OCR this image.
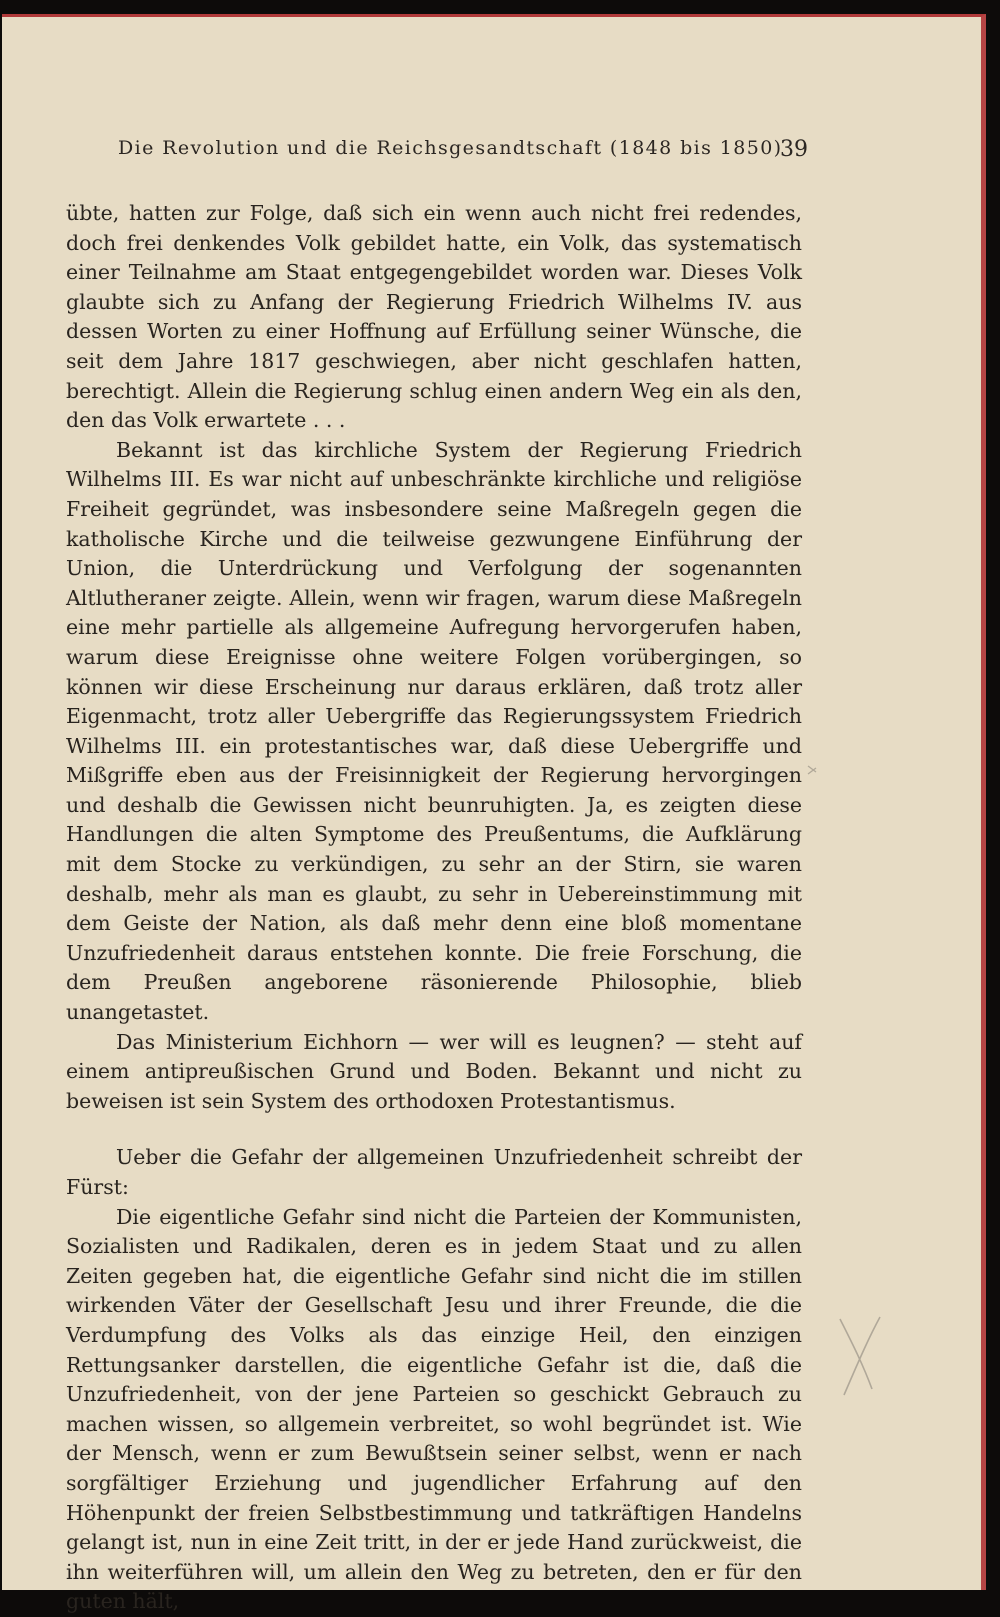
Die Revolution und die Reichsgesandtschaft (1848 bis 1850)
39

übte, hatten zur Folge, daß sich ein wenn auch nicht frei redendes, doch frei denkendes Volk gebildet hatte, ein Volk, das systematisch einer Teilnahme am Staat entgegengebildet worden war. Dieses Volk glaubte sich zu Anfang der Regierung Friedrich Wilhelms IV. aus dessen Worten zu einer Hoffnung auf Erfüllung seiner Wünsche, die seit dem Jahre 1817 geschwiegen, aber nicht geschlafen hatten, berechtigt. Allein die Regierung schlug einen andern Weg ein als den, den das Volk erwartete . . .

Bekannt ist das kirchliche System der Regierung Friedrich Wilhelms III. Es war nicht auf unbeschränkte kirchliche und religiöse Freiheit gegründet, was insbesondere seine Maßregeln gegen die katholische Kirche und die teilweise gezwungene Einführung der Union, die Unterdrückung und Verfolgung der sogenannten Altlutheraner zeigte. Allein, wenn wir fragen, warum diese Maßregeln eine mehr partielle als allgemeine Aufregung hervorgerufen haben, warum diese Ereignisse ohne weitere Folgen vorübergingen, so können wir diese Erscheinung nur daraus erklären, daß trotz aller Eigenmacht, trotz aller Uebergriffe das Regierungssystem Friedrich Wilhelms III. ein protestantisches war, daß diese Uebergriffe und Mißgriffe eben aus der Freisinnigkeit der Regierung hervorgingen und deshalb die Gewissen nicht beunruhigten. Ja, es zeigten diese Handlungen die alten Symptome des Preußentums, die Aufklärung mit dem Stocke zu verkündigen, zu sehr an der Stirn, sie waren deshalb, mehr als man es glaubt, zu sehr in Uebereinstimmung mit dem Geiste der Nation, als daß mehr denn eine bloß momentane Unzufriedenheit daraus entstehen konnte. Die freie Forschung, die dem Preußen angeborene räsonierende Philosophie, blieb unangetastet.

Das Ministerium Eichhorn — wer will es leugnen? — steht auf einem antipreußischen Grund und Boden. Bekannt und nicht zu beweisen ist sein System des orthodoxen Protestantismus.

Ueber die Gefahr der allgemeinen Unzufriedenheit schreibt der Fürst:

Die eigentliche Gefahr sind nicht die Parteien der Kommunisten, Sozialisten und Radikalen, deren es in jedem Staat und zu allen Zeiten gegeben hat, die eigentliche Gefahr sind nicht die im stillen wirkenden Väter der Gesellschaft Jesu und ihrer Freunde, die die Verdumpfung des Volks als das einzige Heil, den einzigen Rettungsanker darstellen, die eigentliche Gefahr ist die, daß die Unzufriedenheit, von der jene Parteien so geschickt Gebrauch zu machen wissen, so allgemein verbreitet, so wohl begründet ist. Wie der Mensch, wenn er zum Bewußtsein seiner selbst, wenn er nach sorgfältiger Erziehung und jugendlicher Erfahrung auf den Höhenpunkt der freien Selbstbestimmung und tatkräftigen Handelns gelangt ist, nun in eine Zeit tritt, in der er jede Hand zurückweist, die ihn weiterführen will, um allein den Weg zu betreten, den er für den guten hält,
